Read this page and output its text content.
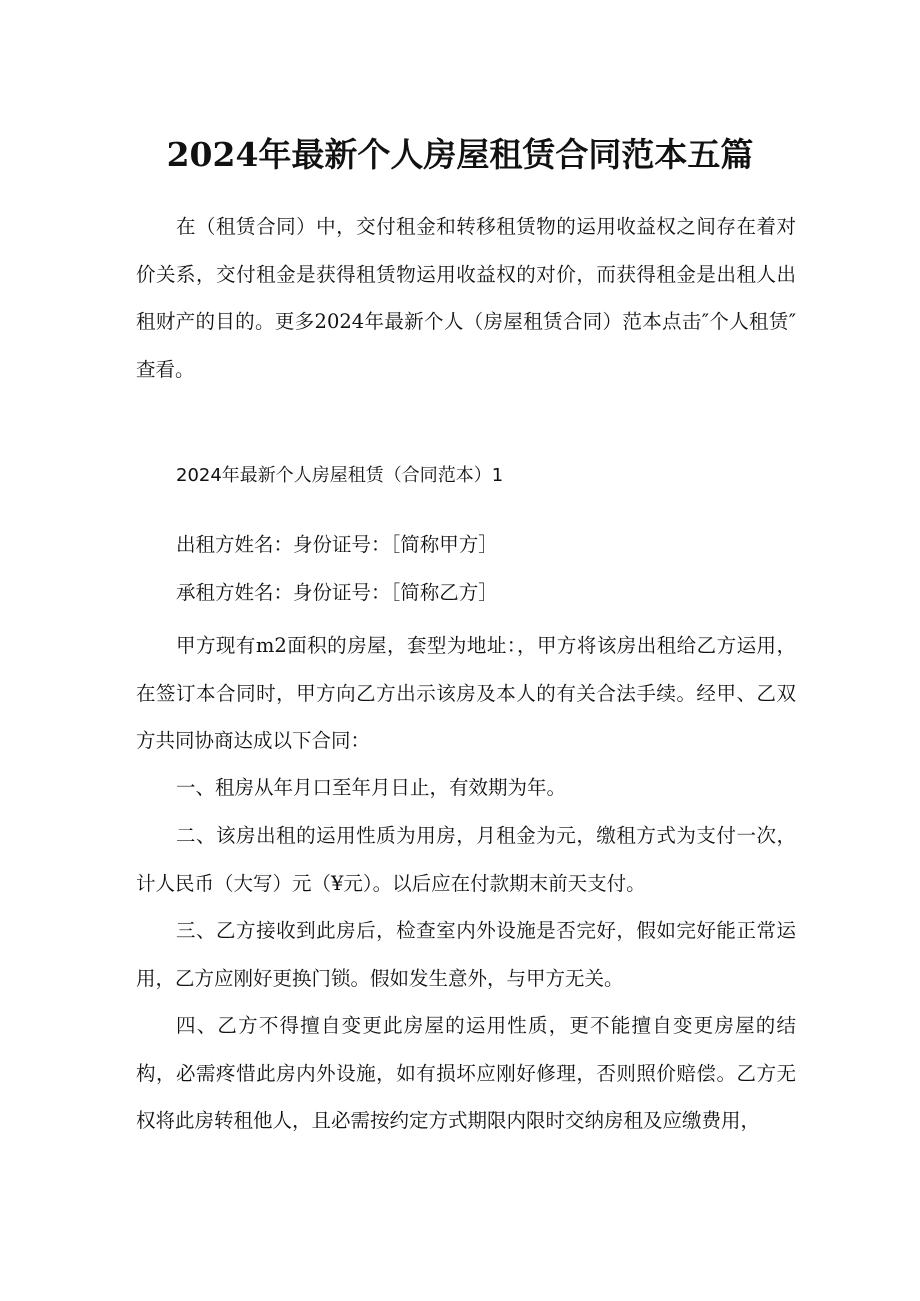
2024年最新个人房屋租赁合同范本五篇
在（租赁合同）中，交付租金和转移租赁物的运用收益权之间存在着对价关系，交付租金是获得租赁物运用收益权的对价，而获得租金是出租人出租财产的目的。更多2024年最新个人（房屋租赁合同）范本点击″个人租赁″查看。
2024年最新个人房屋租赁（合同范本）1
出租方姓名：身份证号：［简称甲方］
承租方姓名：身份证号：［简称乙方］
甲方现有m2面积的房屋，套型为地址：，甲方将该房出租给乙方运用，在签订本合同时，甲方向乙方出示该房及本人的有关合法手续。经甲、乙双方共同协商达成以下合同：
一、租房从年月口至年月日止，有效期为年。
二、该房出租的运用性质为用房，月租金为元，缴租方式为支付一次，计人民币（大写）元（¥元）。以后应在付款期末前天支付。
三、乙方接收到此房后，检查室内外设施是否完好，假如完好能正常运用，乙方应刚好更换门锁。假如发生意外，与甲方无关。
四、乙方不得擅自变更此房屋的运用性质，更不能擅自变更房屋的结构，必需疼惜此房内外设施，如有损坏应刚好修理，否则照价赔偿。乙方无权将此房转租他人，且必需按约定方式期限内限时交纳房租及应缴费用，
